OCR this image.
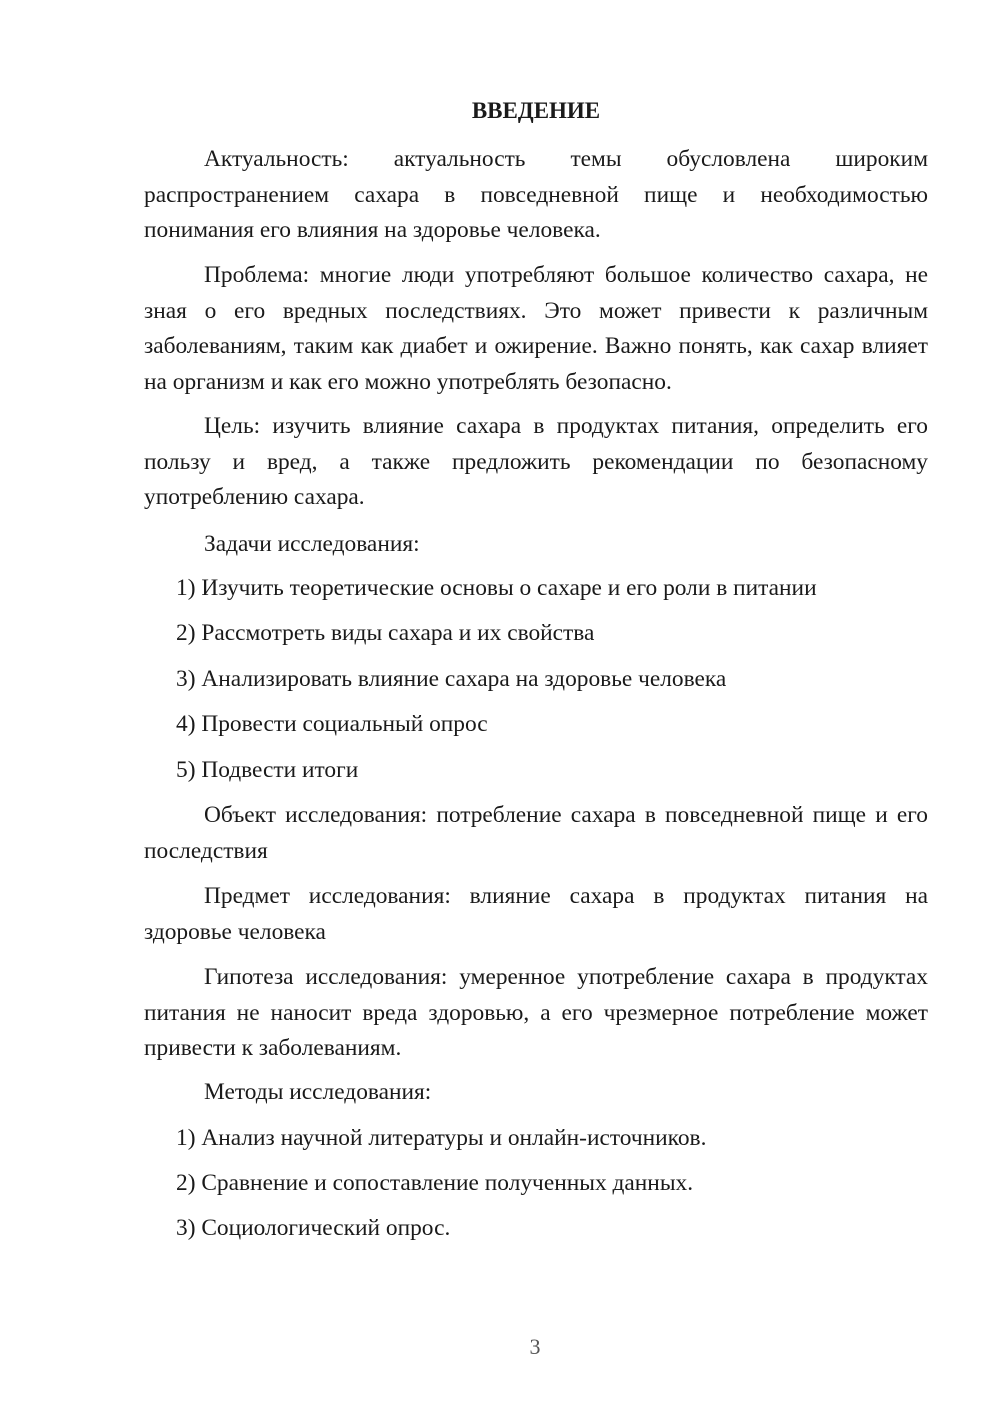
ВВЕДЕНИЕ

Актуальность: актуальность темы обусловлена широким распространением сахара в повседневной пище и необходимостью понимания его влияния на здоровье человека.

Проблема: многие люди употребляют большое количество сахара, не зная о его вредных последствиях. Это может привести к различным заболеваниям, таким как диабет и ожирение. Важно понять, как сахар влияет на организм и как его можно употреблять безопасно.

Цель: изучить влияние сахара в продуктах питания, определить его пользу и вред, а также предложить рекомендации по безопасному употреблению сахара.

Задачи исследования:

1) Изучить теоретические основы о сахаре и его роли в питании

2) Рассмотреть виды сахара и их свойства

3) Анализировать влияние сахара на здоровье человека

4) Провести социальный опрос

5) Подвести итоги

Объект исследования: потребление сахара в повседневной пище и его последствия

Предмет исследования: влияние сахара в продуктах питания на здоровье человека

Гипотеза исследования: умеренное употребление сахара в продуктах питания не наносит вреда здоровью, а его чрезмерное потребление может привести к заболеваниям.

Методы исследования:

1) Анализ научной литературы и онлайн-источников.

2) Сравнение и сопоставление полученных данных.

3) Социологический опрос.

3
